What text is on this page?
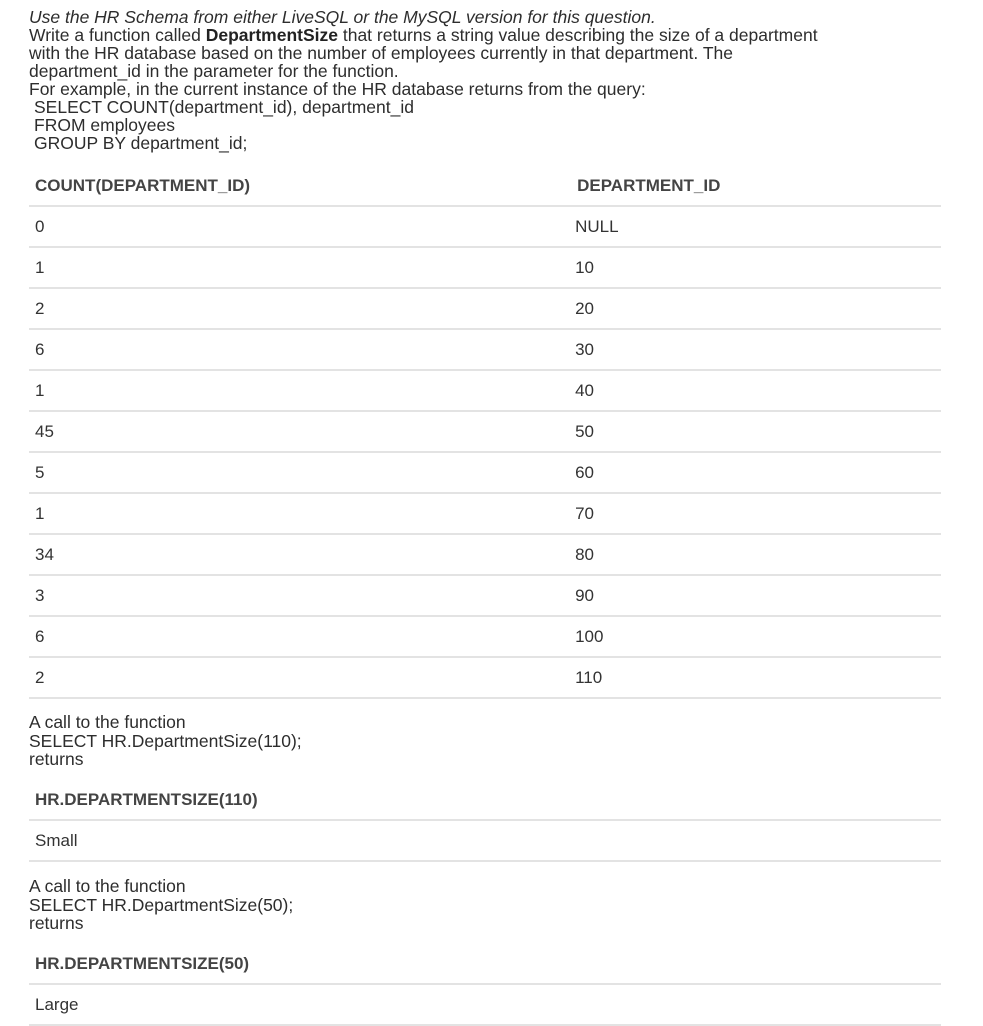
Use the HR Schema from either LiveSQL or the MySQL version for this question.
Write a function called DepartmentSize that returns a string value describing the size of a department
with the HR database based on the number of employees currently in that department. The
department_id in the parameter for the function.
For example, in the current instance of the HR database returns from the query:
SELECT COUNT(department_id), department_id
FROM employees
GROUP BY department_id;
COUNT(DEPARTMENT_ID)	DEPARTMENT_ID
0	NULL
1	10
2	20
6	30
1	40
45	50
5	60
1	70
34	80
3	90
6	100
2	110
A call to the function
SELECT HR.DepartmentSize(110);
returns
HR.DEPARTMENTSIZE(110)
Small
A call to the function
SELECT HR.DepartmentSize(50);
returns
HR.DEPARTMENTSIZE(50)
Large
